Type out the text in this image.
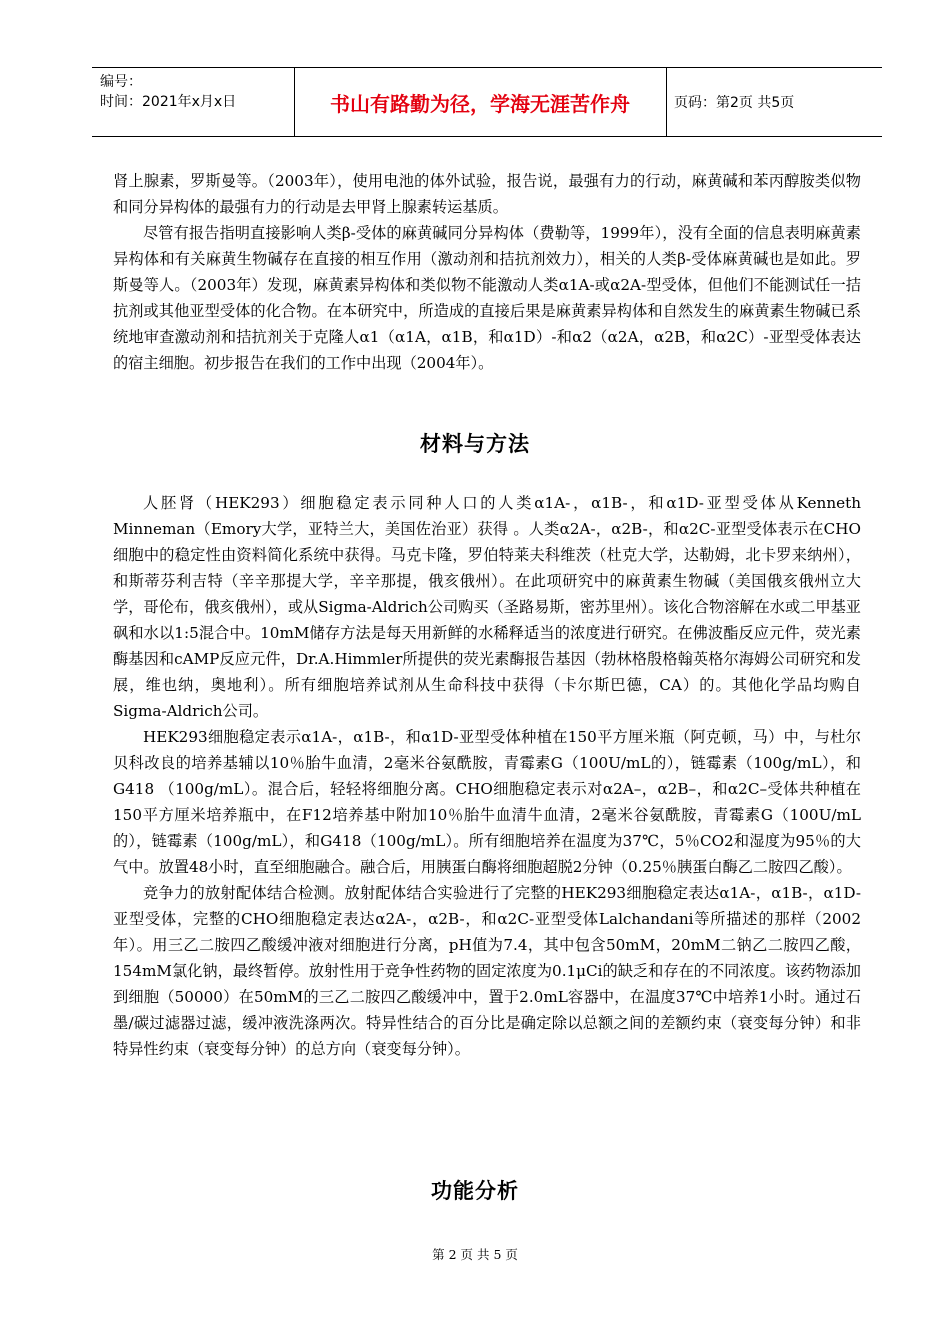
编号：
时间：2021年x月x日	书山有路勤为径，学海无涯苦作舟	页码：第2页 共5页

肾上腺素，罗斯曼等。（2003年），使用电池的体外试验，报告说，最强有力的行动，麻黄碱和苯丙醇胺类似物和同分异构体的最强有力的行动是去甲肾上腺素转运基质。

尽管有报告指明直接影响人类β-受体的麻黄碱同分异构体（费勒等，1999年），没有全面的信息表明麻黄素异构体和有关麻黄生物碱存在直接的相互作用（激动剂和拮抗剂效力），相关的人类β-受体麻黄碱也是如此。罗斯曼等人。（2003年）发现，麻黄素异构体和类似物不能激动人类α1A-或α2A-型受体，但他们不能测试任一拮抗剂或其他亚型受体的化合物。在本研究中，所造成的直接后果是麻黄素异构体和自然发生的麻黄素生物碱已系统地审查激动剂和拮抗剂关于克隆人α1（α1A，α1B，和α1D）-和α2（α2A，α2B，和α2C）-亚型受体表达的宿主细胞。初步报告在我们的工作中出现（2004年）。

材料与方法

人胚肾（HEK293）细胞稳定表示同种人口的人类α1A-，α1B-，和α1D-亚型受体从Kenneth Minneman（Emory大学，亚特兰大，美国佐治亚）获得 。人类α2A-，α2B-，和α2C-亚型受体表示在CHO细胞中的稳定性由资料简化系统中获得。马克卡隆，罗伯特莱夫科维茨（杜克大学，达勒姆，北卡罗来纳州），和斯蒂芬利吉特（辛辛那提大学，辛辛那提，俄亥俄州）。在此项研究中的麻黄素生物碱（美国俄亥俄州立大学，哥伦布，俄亥俄州），或从Sigma-Aldrich公司购买（圣路易斯，密苏里州）。该化合物溶解在水或二甲基亚砜和水以1:5混合中。10mM储存方法是每天用新鲜的水稀释适当的浓度进行研究。在佛波酯反应元件，荧光素酶基因和cAMP反应元件，Dr.A.Himmler所提供的荧光素酶报告基因（勃林格殷格翰英格尔海姆公司研究和发展，维也纳，奥地利）。所有细胞培养试剂从生命科技中获得（卡尔斯巴德，CA）的。其他化学品均购自Sigma-Aldrich公司。

HEK293细胞稳定表示α1A-，α1B-，和α1D-亚型受体种植在150平方厘米瓶（阿克顿，马）中，与杜尔贝科改良的培养基辅以10％胎牛血清，2毫米谷氨酰胺，青霉素G（100U/mL的），链霉素（100g/mL），和G418 （100g/mL）。混合后，轻轻将细胞分离。CHO细胞稳定表示对α2A–，α2B–，和α2C–受体共种植在150平方厘米培养瓶中，在F12培养基中附加10％胎牛血清牛血清，2毫米谷氨酰胺，青霉素G（100U/mL的），链霉素（100g/mL），和G418（100g/mL）。所有细胞培养在温度为37℃，5％CO2和湿度为95％的大气中。放置48小时，直至细胞融合。融合后，用胰蛋白酶将细胞超脱2分钟（0.25％胰蛋白酶乙二胺四乙酸）。

竞争力的放射配体结合检测。放射配体结合实验进行了完整的HEK293细胞稳定表达α1A-，α1B-，α1D-亚型受体，完整的CHO细胞稳定表达α2A-，α2B-，和α2C-亚型受体Lalchandani等所描述的那样（2002年）。用三乙二胺四乙酸缓冲液对细胞进行分离，pH值为7.4，其中包含50mM，20mM二钠乙二胺四乙酸，154mM氯化钠，最终暂停。放射性用于竞争性药物的固定浓度为0.1μCi的缺乏和存在的不同浓度。该药物添加到细胞（50000）在50mM的三乙二胺四乙酸缓冲中，置于2.0mL容器中，在温度37℃中培养1小时。通过石墨/碳过滤器过滤，缓冲液洗涤两次。特异性结合的百分比是确定除以总额之间的差额约束（衰变每分钟）和非特异性约束（衰变每分钟）的总方向（衰变每分钟）。

功能分析
第 2 页 共 5 页
